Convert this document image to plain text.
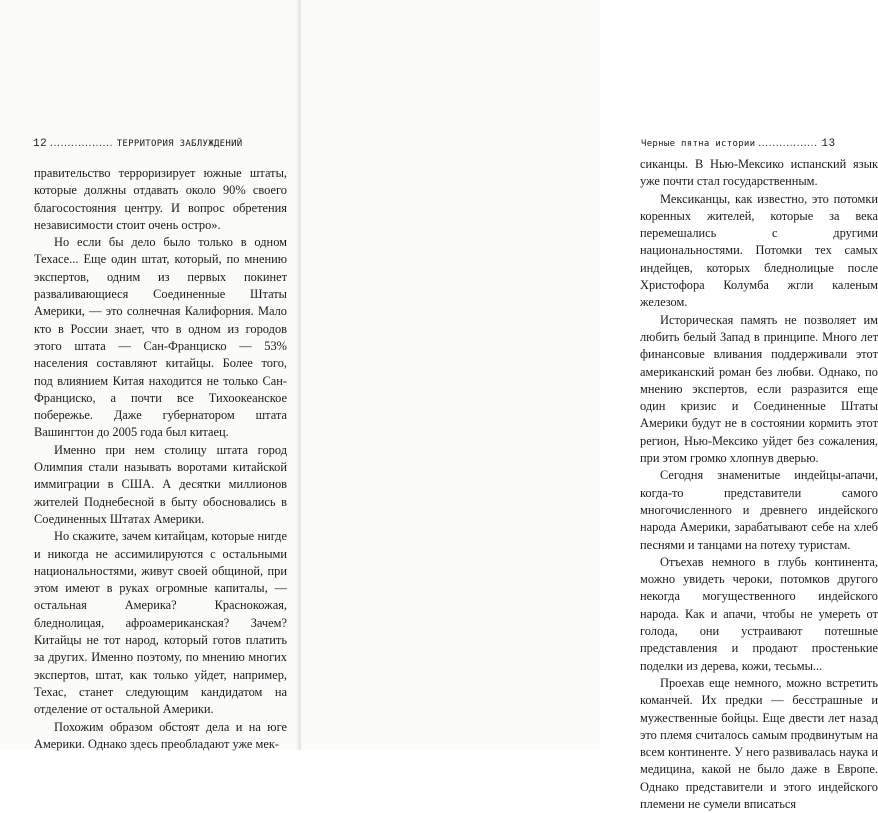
12 .................. ТЕРРИТОРИЯ ЗАБЛУЖДЕНИЙ

правительство терроризирует южные штаты, которые должны отдавать около 90% своего благосостояния центру. И вопрос обретения независимости стоит очень остро».

Но если бы дело было только в одном Техасе... Еще один штат, который, по мнению экспертов, одним из первых покинет разваливающиеся Соединенные Штаты Америки, — это солнечная Калифорния. Мало кто в России знает, что в одном из городов этого штата — Сан-Франциско — 53% населения составляют китайцы. Более того, под влиянием Китая находится не только Сан-Франциско, а почти все Тихоокеанское побережье. Даже губернатором штата Вашингтон до 2005 года был китаец.

Именно при нем столицу штата город Олимпия стали называть воротами китайской иммиграции в США. А десятки миллионов жителей Поднебесной в быту обосновались в Соединенных Штатах Америки.

Но скажите, зачем китайцам, которые нигде и никогда не ассимилируются с остальными национальностями, живут своей общиной, при этом имеют в руках огромные капиталы, — остальная Америка? Краснокожая, бледнолицая, афроамериканская? Зачем? Китайцы не тот народ, который готов платить за других. Именно поэтому, по мнению многих экспертов, штат, как только уйдет, например, Техас, станет следующим кандидатом на отделение от остальной Америки.

Похожим образом обстоят дела и на юге Америки. Однако здесь преобладают уже мек-

Черные пятна истории ................. 13

сиканцы. В Нью-Мексико испанский язык уже почти стал государственным.

Мексиканцы, как известно, это потомки коренных жителей, которые за века перемешались с другими национальностями. Потомки тех самых индейцев, которых бледнолицые после Христофора Колумба жгли каленым железом.

Историческая память не позволяет им любить белый Запад в принципе. Много лет финансовые вливания поддерживали этот американский роман без любви. Однако, по мнению экспертов, если разразится еще один кризис и Соединенные Штаты Америки будут не в состоянии кормить этот регион, Нью-Мексико уйдет без сожаления, при этом громко хлопнув дверью.

Сегодня знаменитые индейцы-апачи, когда-то представители самого многочисленного и древнего индейского народа Америки, зарабатывают себе на хлеб песнями и танцами на потеху туристам.

Отъехав немного в глубь континента, можно увидеть чероки, потомков другого некогда могущественного индейского народа. Как и апачи, чтобы не умереть от голода, они устраивают потешные представления и продают простенькие поделки из дерева, кожи, тесьмы...

Проехав еще немного, можно встретить команчей. Их предки — бесстрашные и мужественные бойцы. Еще двести лет назад это племя считалось самым продвинутым на всем континенте. У него развивалась наука и медицина, какой не было даже в Европе. Однако представители и этого индейского племени не сумели вписаться
